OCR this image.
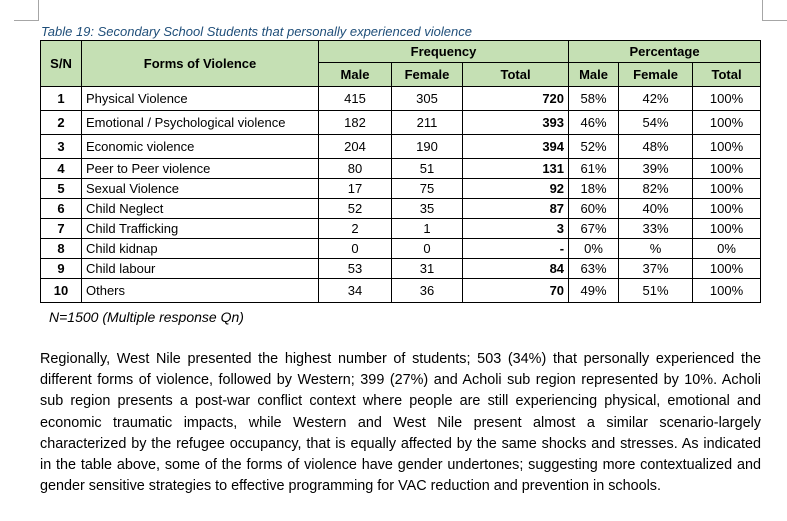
Table 19: Secondary School Students that personally experienced violence
S/N	Forms of Violence	Frequency			Percentage		
		Male	Female	Total	Male	Female	Total
1	Physical Violence	415	305	720	58%	42%	100%
2	Emotional / Psychological violence	182	211	393	46%	54%	100%
3	Economic violence	204	190	394	52%	48%	100%
4	Peer to Peer violence	80	51	131	61%	39%	100%
5	Sexual Violence	17	75	92	18%	82%	100%
6	Child Neglect	52	35	87	60%	40%	100%
7	Child Trafficking	2	1	3	67%	33%	100%
8	Child kidnap	0	0	-	0%	%	0%
9	Child labour	53	31	84	63%	37%	100%
10	Others	34	36	70	49%	51%	100%
N=1500 (Multiple response Qn)

Regionally, West Nile presented the highest number of students; 503 (34%) that personally experienced the different forms of violence, followed by Western; 399 (27%) and Acholi sub region represented by 10%. Acholi sub region presents a post-war conflict context where people are still experiencing physical, emotional and economic traumatic impacts, while Western and West Nile present almost a similar scenario-largely characterized by the refugee occupancy, that is equally affected by the same shocks and stresses. As indicated in the table above, some of the forms of violence have gender undertones; suggesting more contextualized and gender sensitive strategies to effective programming for VAC reduction and prevention in schools.
